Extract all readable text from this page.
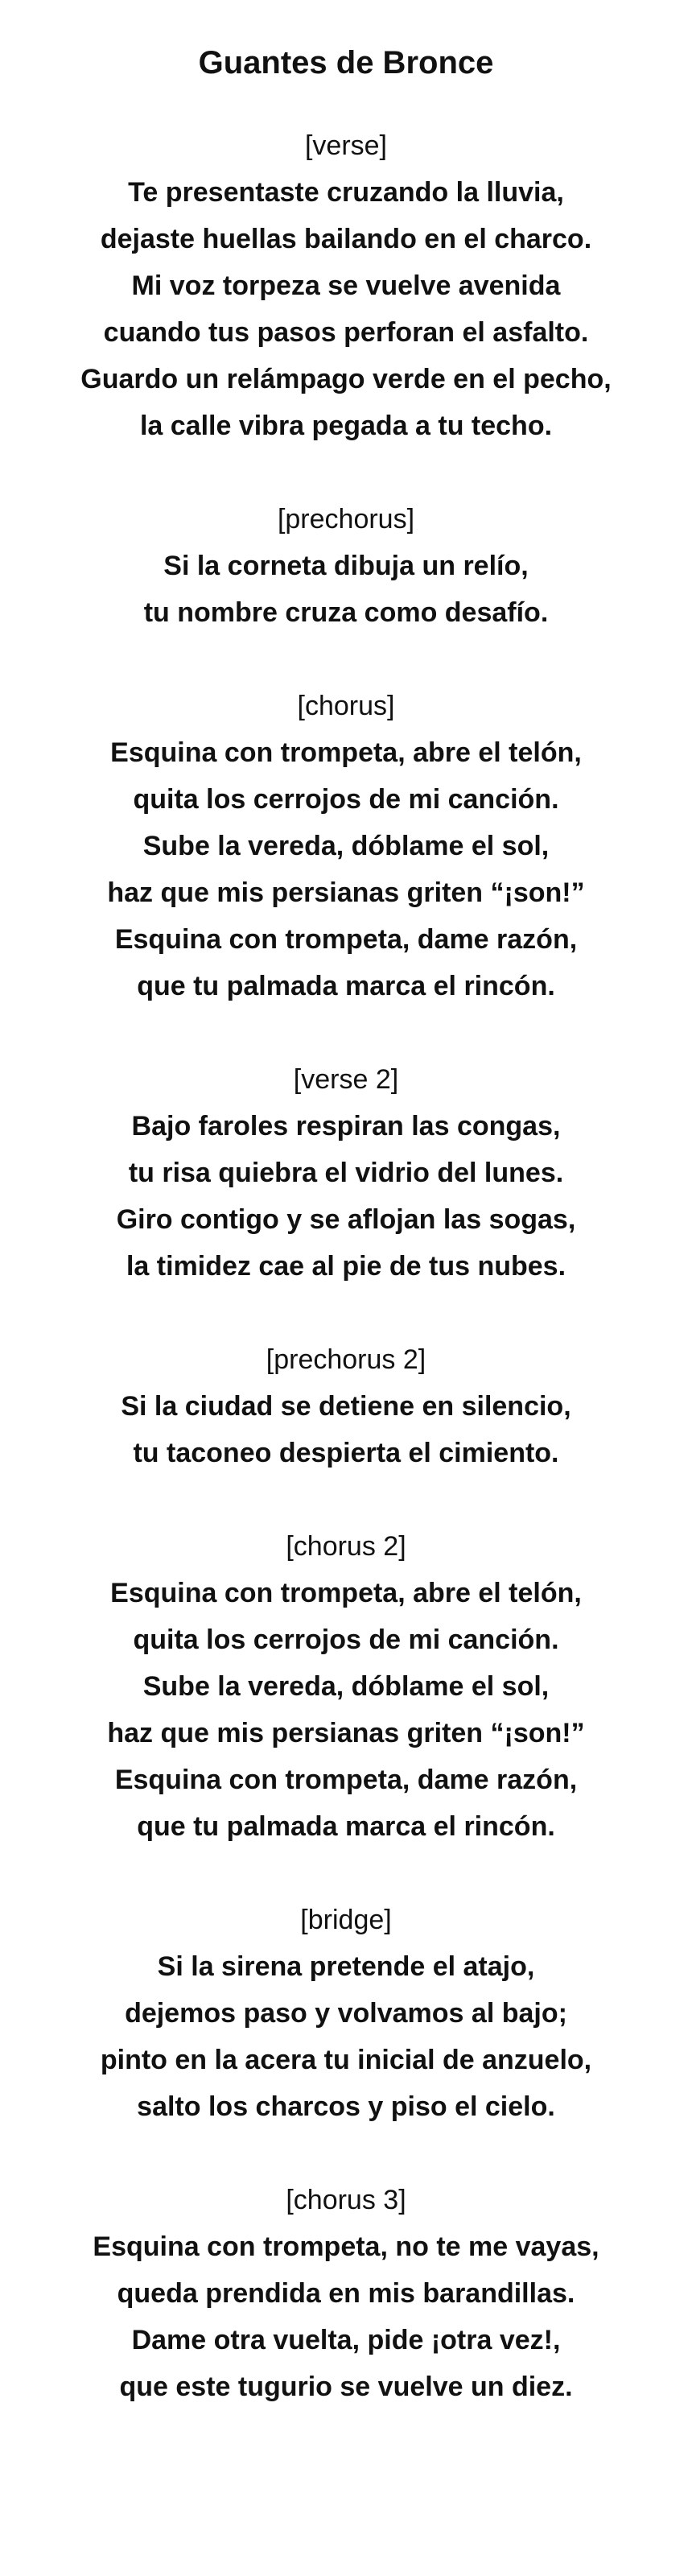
Guantes de Bronce

[verse]

Te presentaste cruzando la lluvia,

dejaste huellas bailando en el charco.

Mi voz torpeza se vuelve avenida

cuando tus pasos perforan el asfalto.

Guardo un relámpago verde en el pecho,

la calle vibra pegada a tu techo.

[prechorus]

Si la corneta dibuja un relío,

tu nombre cruza como desafío.

[chorus]

Esquina con trompeta, abre el telón,

quita los cerrojos de mi canción.

Sube la vereda, dóblame el sol,

haz que mis persianas griten “¡son!”

Esquina con trompeta, dame razón,

que tu palmada marca el rincón.

[verse 2]

Bajo faroles respiran las congas,

tu risa quiebra el vidrio del lunes.

Giro contigo y se aflojan las sogas,

la timidez cae al pie de tus nubes.

[prechorus 2]

Si la ciudad se detiene en silencio,

tu taconeo despierta el cimiento.

[chorus 2]

Esquina con trompeta, abre el telón,

quita los cerrojos de mi canción.

Sube la vereda, dóblame el sol,

haz que mis persianas griten “¡son!”

Esquina con trompeta, dame razón,

que tu palmada marca el rincón.

[bridge]

Si la sirena pretende el atajo,

dejemos paso y volvamos al bajo;

pinto en la acera tu inicial de anzuelo,

salto los charcos y piso el cielo.

[chorus 3]

Esquina con trompeta, no te me vayas,

queda prendida en mis barandillas.

Dame otra vuelta, pide ¡otra vez!,

que este tugurio se vuelve un diez.
